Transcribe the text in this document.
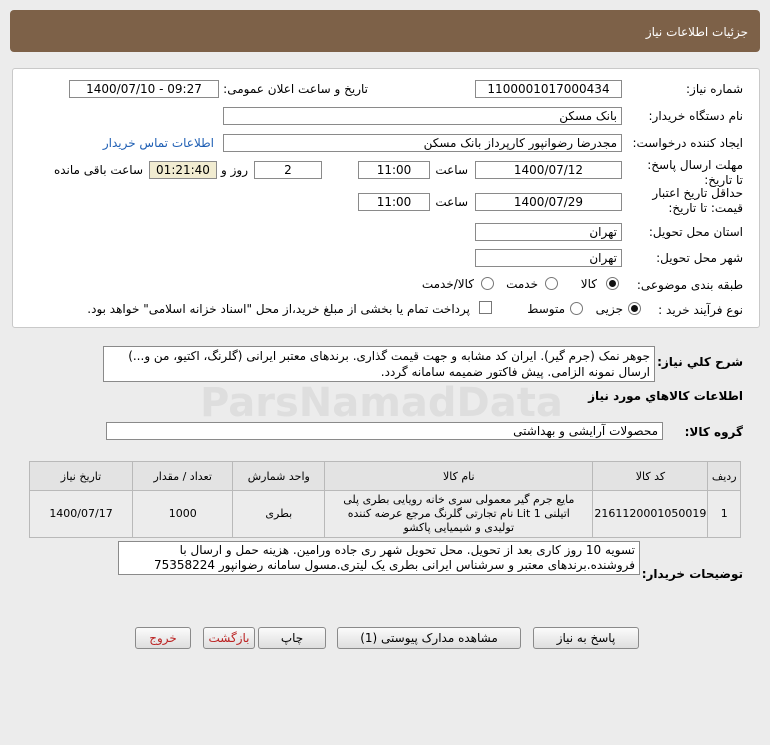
ParsNamadData
جزئیات اطلاعات نیاز
شماره نیاز:
1100001017000434
تاریخ و ساعت اعلان عمومی:
1400/07/10 - 09:27
نام دستگاه خریدار:
بانک مسکن
ایجاد کننده درخواست:
مجدرضا رضوانپور کارپرداز بانک مسکن
اطلاعات تماس خریدار
مهلت ارسال پاسخ: تا تاریخ:
1400/07/12
ساعت
11:00
2
روز و
01:21:40
ساعت باقی مانده
حداقل تاریخ اعتبار قیمت: تا تاریخ:
1400/07/29
ساعت
11:00
استان محل تحویل:
تهران
شهر محل تحویل:
تهران
طبقه بندی موضوعی:
کالا
خدمت
کالا/خدمت
نوع فرآیند خرید :
جزیی
متوسط
پرداخت تمام یا بخشی از مبلغ خرید،از محل "اسناد خزانه اسلامی" خواهد بود.
شرح کلي نياز:
جوهر نمک (جرم گیر). ایران کد مشابه و جهت قیمت گذاری. برندهای معتبر ایرانی (گلرنگ، اکتیو، من و...) ارسال نمونه الزامی. پیش فاکتور ضمیمه سامانه گردد.
اطلاعات کالاهاي مورد نياز
گروه کالا:
محصولات آرایشی و بهداشتی
ردیف	کد کالا	نام کالا	واحد شمارش	تعداد / مقدار	تاریخ نیاز
1	2161120001050019	مایع جرم گیر معمولی سری خانه رویایی بطری پلی اتیلنی 1 Lit نام تجارتی گلرنگ مرجع عرضه کننده تولیدی و شیمیایی پاکشو	بطری	1000	1400/07/17
توضیحات خریدار:
تسویه 10 روز کاری بعد از تحویل. محل تحویل شهر ری جاده ورامین. هزینه حمل و ارسال با فروشنده.برندهای معتبر و سرشناس ایرانی بطری یک لیتری.مسول سامانه رضوانپور 75358224
پاسخ به نیاز
مشاهده مدارک پیوستی (1)
چاپ
بازگشت
خروج
